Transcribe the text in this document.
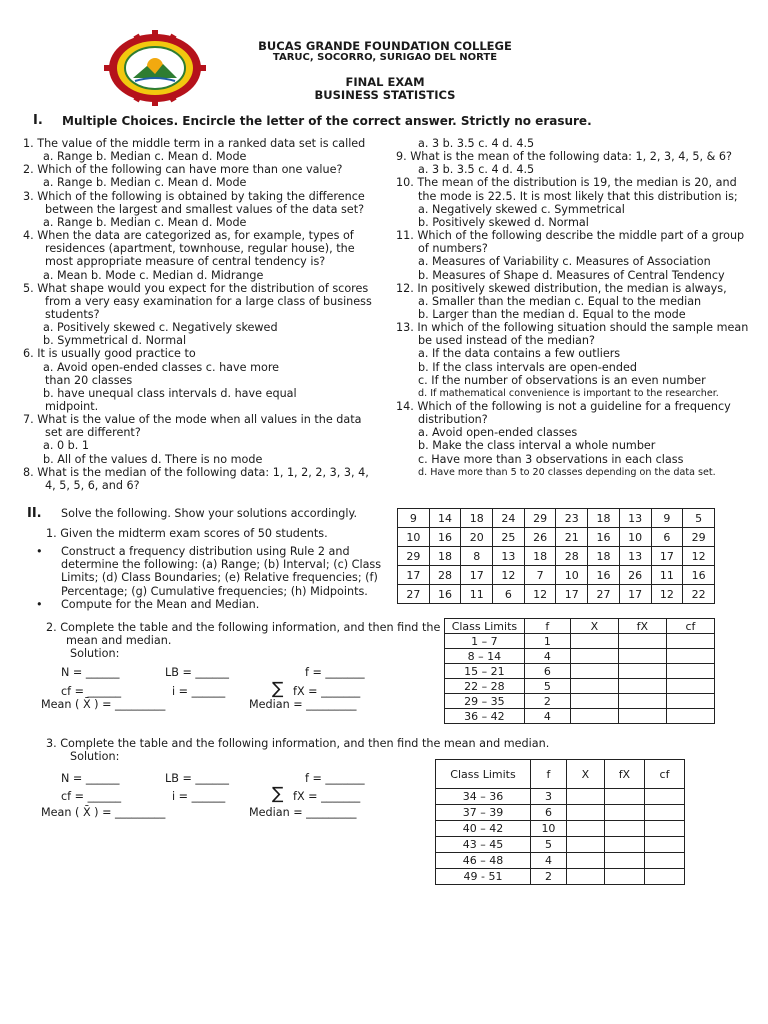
BUCAS GRANDE FOUNDATION COLLEGE
TARUC, SOCORRO, SURIGAO DEL NORTE
FINAL EXAM
BUSINESS STATISTICS
I. Multiple Choices. Encircle the letter of the correct answer. Strictly no erasure.
1. The value of the middle term in a ranked data set is called
a. Range b. Median c. Mean d. Mode
2. Which of the following can have more than one value?
a. Range b. Median c. Mean d. Mode
3. Which of the following is obtained by taking the difference
between the largest and smallest values of the data set?
a. Range b. Median c. Mean d. Mode
4. When the data are categorized as, for example, types of
residences (apartment, townhouse, regular house), the
most appropriate measure of central tendency is?
a. Mean b. Mode c. Median d. Midrange
5. What shape would you expect for the distribution of scores
from a very easy examination for a large class of business
students?
a. Positively skewed c. Negatively skewed
b. Symmetrical d. Normal
6. It is usually good practice to
a. Avoid open-ended classes c. have more
than 20 classes
b. have unequal class intervals d. have equal
midpoint.
7. What is the value of the mode when all values in the data
set are different?
a. 0 b. 1
b. All of the values d. There is no mode
8. What is the median of the following data: 1, 1, 2, 2, 3, 3, 4,
4, 5, 5, 6, and 6?
a. 3 b. 3.5 c. 4 d. 4.5
9. What is the mean of the following data: 1, 2, 3, 4, 5, & 6?
a. 3 b. 3.5 c. 4 d. 4.5
10. The mean of the distribution is 19, the median is 20, and
the mode is 22.5. It is most likely that this distribution is;
a. Negatively skewed c. Symmetrical
b. Positively skewed d. Normal
11. Which of the following describe the middle part of a group
of numbers?
a. Measures of Variability c. Measures of Association
b. Measures of Shape d. Measures of Central Tendency
12. In positively skewed distribution, the median is always,
a. Smaller than the median c. Equal to the median
b. Larger than the median d. Equal to the mode
13. In which of the following situation should the sample mean
be used instead of the median?
a. If the data contains a few outliers
b. If the class intervals are open-ended
c. If the number of observations is an even number
d. If mathematical convenience is important to the researcher.
14. Which of the following is not a guideline for a frequency
distribution?
a. Avoid open-ended classes
b. Make the class interval a whole number
c. Have more than 3 observations in each class
d. Have more than 5 to 20 classes depending on the data set.
II. Solve the following. Show your solutions accordingly.
1. Given the midterm exam scores of 50 students.
• Construct a frequency distribution using Rule 2 and
determine the following: (a) Range; (b) Interval; (c) Class
Limits; (d) Class Boundaries; (e) Relative frequencies; (f)
Percentage; (g) Cumulative frequencies; (h) Midpoints.
• Compute for the Mean and Median.
9	14	18	24	29	23	18	13	9	5
10	16	20	25	26	21	16	10	6	29
29	18	8	13	18	28	18	13	17	12
17	28	17	12	7	10	16	26	11	16
27	16	11	6	12	17	27	17	12	22
2. Complete the table and the following information, and then find the
mean and median.
Solution:
N = ______	LB = ______	f = _______
cf = ______	i = ______	∑ fX = _______
Mean ( X̄ ) = _________	Median = _________
Class Limits	f	X	fX	cf
1 – 7	1			
8 – 14	4			
15 – 21	6			
22 – 28	5			
29 – 35	2			
36 – 42	4			
3. Complete the table and the following information, and then find the mean and median.
Solution:
N = ______	LB = ______	f = _______
cf = ______	i = ______	∑ fX = _______
Mean ( X̄ ) = _________	Median = _________
Class Limits	f	X	fX	cf
34 – 36	3			
37 – 39	6			
40 – 42	10			
43 – 45	5			
46 – 48	4			
49 - 51	2			
